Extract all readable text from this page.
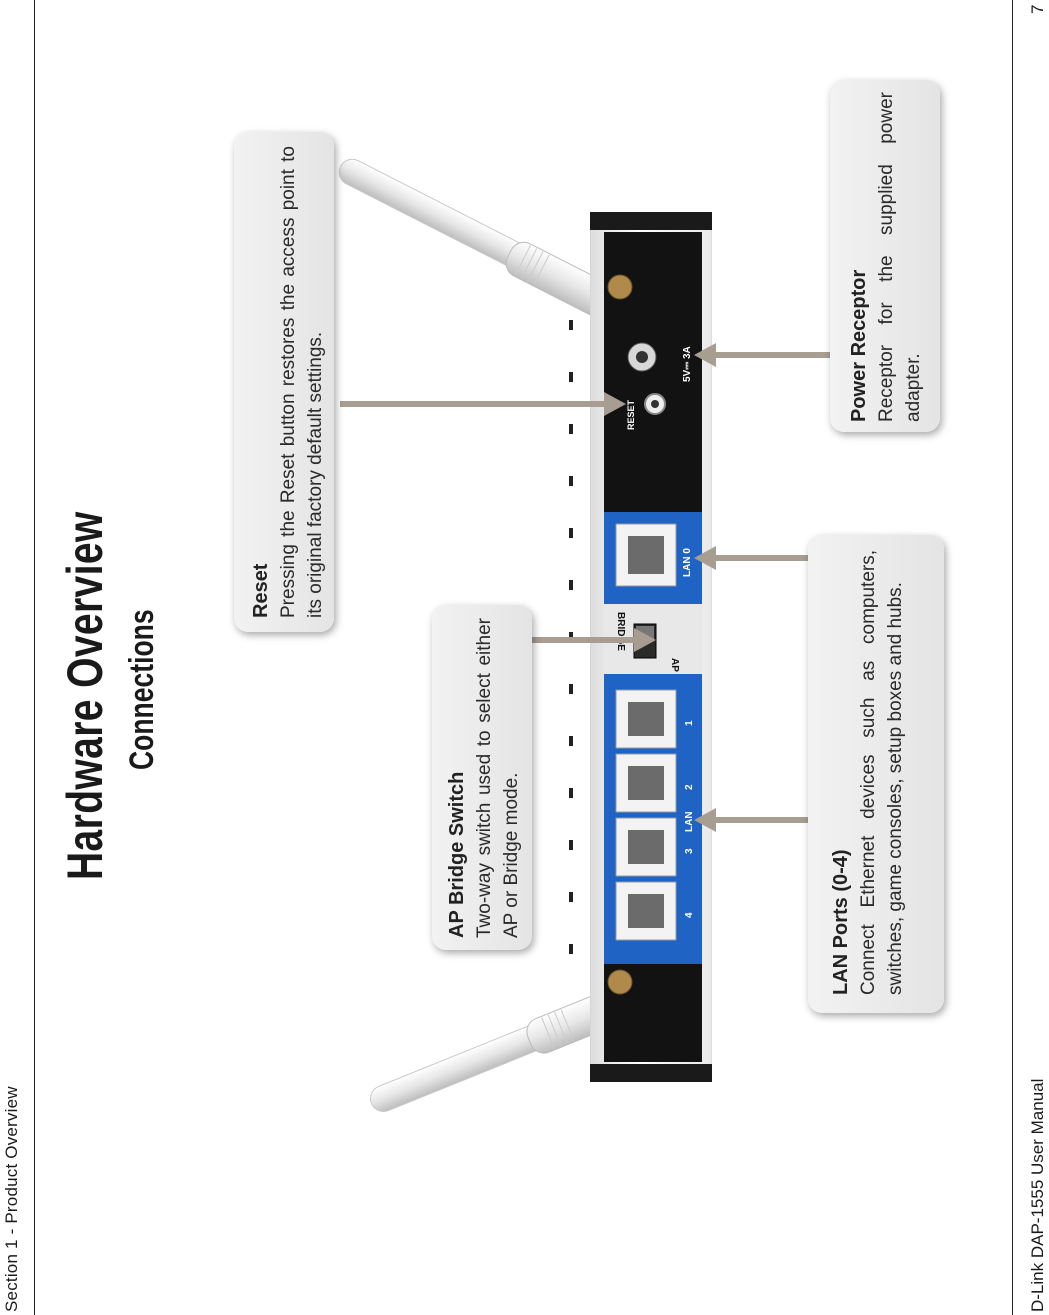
Section 1 - Product Overview
Hardware Overview Connections
D-Link DAP-1555 User Manual
7
RESET
5V⎓ 3A
LAN 0
BRIDGE
AP
1
2
LAN
3
4
Reset Pressing the Reset button restores the access point to its original factory default settings.

AP Bridge Switch Two-way switch used to select either AP or Bridge mode.

Power Receptor Receptor for the supplied power adapter.

LAN Ports (0-4) Connect Ethernet devices such as computers, switches, game consoles, setup boxes and hubs.
